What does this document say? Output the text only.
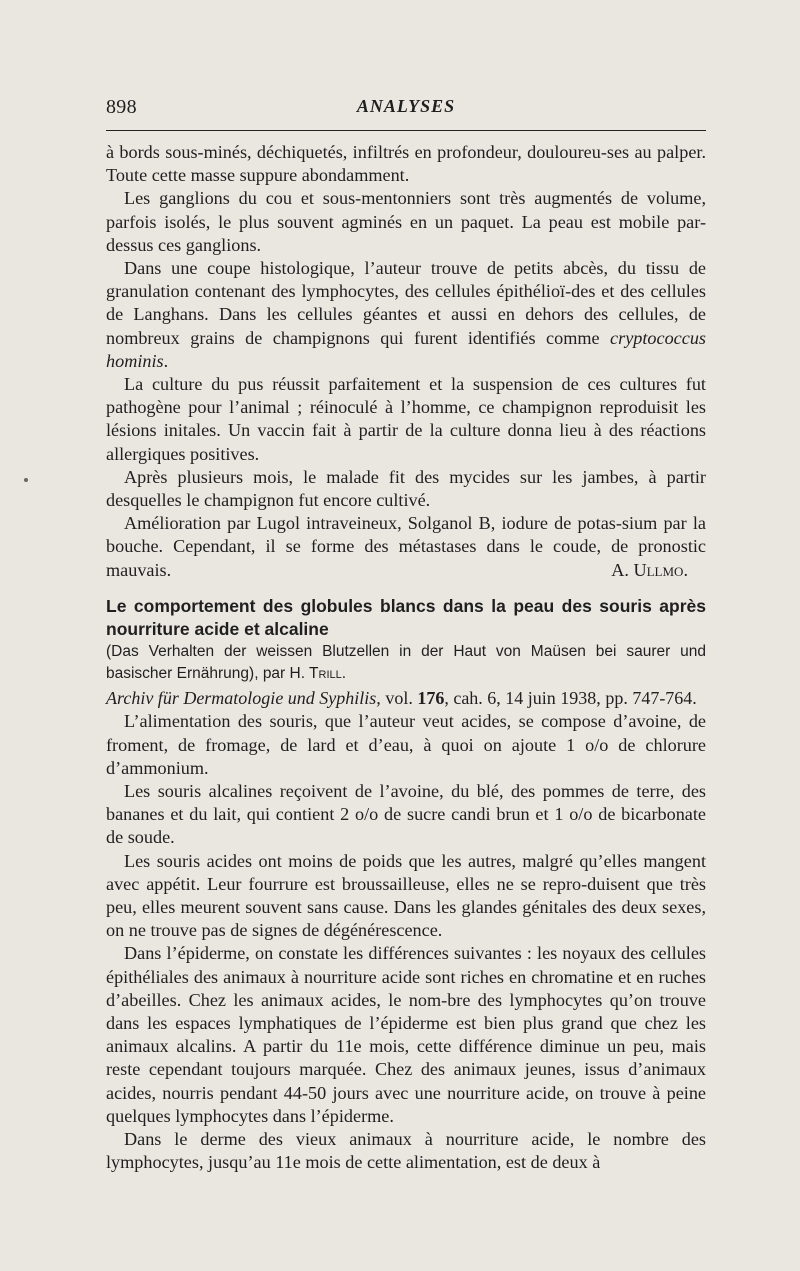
898	ANALYSES

à bords sous-minés, déchiquetés, infiltrés en profondeur, douloureu-ses au palper. Toute cette masse suppure abondamment.

Les ganglions du cou et sous-mentonniers sont très augmentés de volume, parfois isolés, le plus souvent agminés en un paquet. La peau est mobile par-dessus ces ganglions.

Dans une coupe histologique, l’auteur trouve de petits abcès, du tissu de granulation contenant des lymphocytes, des cellules épithélioï-des et des cellules de Langhans. Dans les cellules géantes et aussi en dehors des cellules, de nombreux grains de champignons qui furent identifiés comme cryptococcus hominis.

La culture du pus réussit parfaitement et la suspension de ces cultures fut pathogène pour l’animal ; réinoculé à l’homme, ce champignon reproduisit les lésions initales. Un vaccin fait à partir de la culture donna lieu à des réactions allergiques positives.

Après plusieurs mois, le malade fit des mycides sur les jambes, à partir desquelles le champignon fut encore cultivé.

Amélioration par Lugol intraveineux, Solganol B, iodure de potas-sium par la bouche. Cependant, il se forme des métastases dans le coude, de pronostic mauvais.	A. Ullmo.

Le comportement des globules blancs dans la peau des souris après nourriture acide et alcaline
(Das Verhalten der weissen Blutzellen in der Haut von Maüsen bei saurer und basischer Ernährung), par H. Trill.
Archiv für Dermatologie und Syphilis, vol. 176, cah. 6, 14 juin 1938, pp. 747-764.

L’alimentation des souris, que l’auteur veut acides, se compose d’avoine, de froment, de fromage, de lard et d’eau, à quoi on ajoute 1 o/o de chlorure d’ammonium.

Les souris alcalines reçoivent de l’avoine, du blé, des pommes de terre, des bananes et du lait, qui contient 2 o/o de sucre candi brun et 1 o/o de bicarbonate de soude.

Les souris acides ont moins de poids que les autres, malgré qu’elles mangent avec appétit. Leur fourrure est broussailleuse, elles ne se repro-duisent que très peu, elles meurent souvent sans cause. Dans les glandes génitales des deux sexes, on ne trouve pas de signes de dégénérescence.

Dans l’épiderme, on constate les différences suivantes : les noyaux des cellules épithéliales des animaux à nourriture acide sont riches en chromatine et en ruches d’abeilles. Chez les animaux acides, le nom-bre des lymphocytes qu’on trouve dans les espaces lymphatiques de l’épiderme est bien plus grand que chez les animaux alcalins. A partir du 11e mois, cette différence diminue un peu, mais reste cependant toujours marquée. Chez des animaux jeunes, issus d’animaux acides, nourris pendant 44-50 jours avec une nourriture acide, on trouve à peine quelques lymphocytes dans l’épiderme.

Dans le derme des vieux animaux à nourriture acide, le nombre des lymphocytes, jusqu’au 11e mois de cette alimentation, est de deux à
